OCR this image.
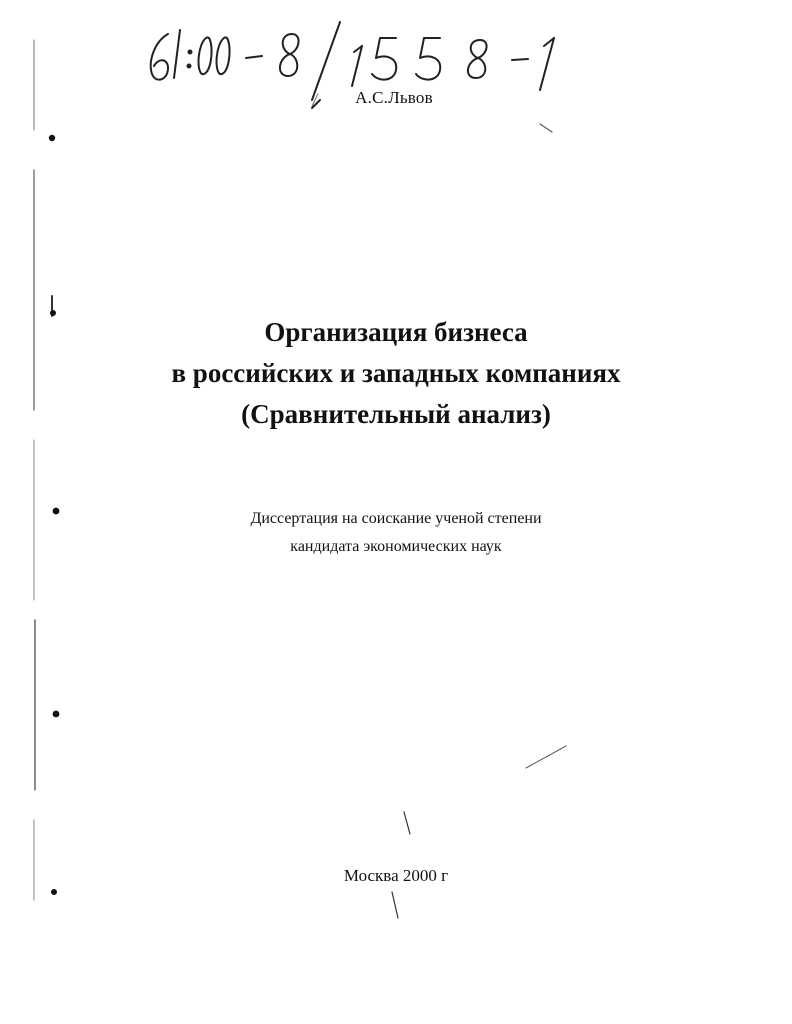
А.С.Львов
Организация бизнеса
в российских и западных компаниях
(Сравнительный анализ)
Диссертация на соискание ученой степени
кандидата экономических наук
Москва 2000 г
